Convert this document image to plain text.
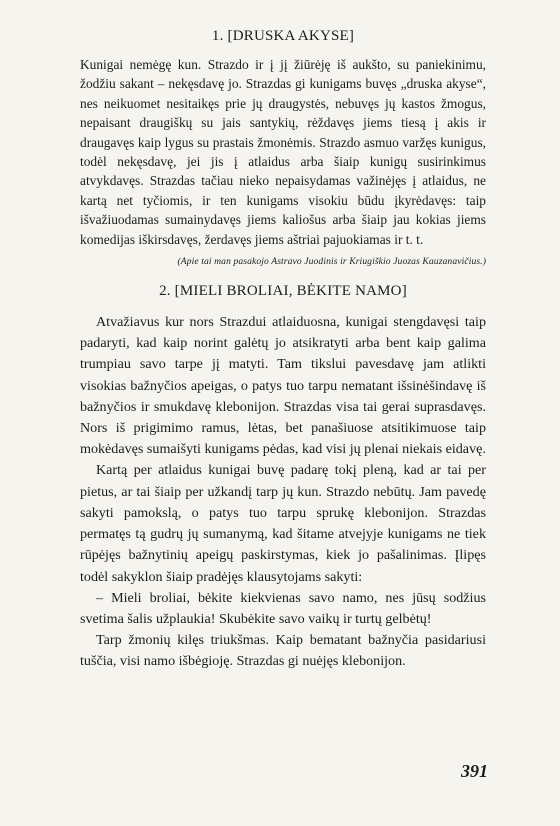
1. [DRUSKA AKYSE]

Kunigai nemėgę kun. Strazdo ir į jį žiūrėję iš aukšto, su paniekinimu, žodžiu sakant – nekęsdavę jo. Strazdas gi kunigams buvęs „druska akyse“, nes neikuomet nesitaikęs prie jų draugystės, nebuvęs jų kastos žmogus, nepaisant draugiškų su jais santykių, rėždavęs jiems tiesą į akis ir draugavęs kaip lygus su prastais žmonėmis. Strazdo asmuo varžęs kunigus, todėl nekęsdavę, jei jis į atlaidus arba šiaip kunigų susirinkimus atvykdavęs. Strazdas tačiau nieko nepaisydamas važinėjęs į atlaidus, ne kartą net tyčiomis, ir ten kunigams visokiu būdu įkyrėdavęs: taip išvažiuodamas sumainydavęs jiems kaliošus arba šiaip jau kokias jiems komedijas iškirsdavęs, žerdavęs jiems aštriai pajuokiamas ir t. t.

(Apie tai man pasakojo Astravo Juodinis ir Kriugiškio Juozas Kauzanavičius.)
2. [MIELI BROLIAI, BĖKITE NAMO]

Atvažiavus kur nors Strazdui atlaiduosna, kunigai stengdavęsi taip padaryti, kad kaip norint galėtų jo atsikratyti arba bent kaip galima trumpiau savo tarpe jį matyti. Tam tikslui pavesdavę jam atlikti visokias bažnyčios apeigas, o patys tuo tarpu nematant išsinėšindavę iš bažnyčios ir smukdavę klebonijon. Strazdas visa tai gerai suprasdavęs. Nors iš prigimimo ramus, lėtas, bet panašiuose atsitikimuose taip mokėdavęs sumaišyti kunigams pėdas, kad visi jų plenai niekais eidavę.

Kartą per atlaidus kunigai buvę padarę tokį pleną, kad ar tai per pietus, ar tai šiaip per užkandį tarp jų kun. Strazdo nebūtų. Jam pavedę sakyti pamokslą, o patys tuo tarpu sprukę klebonijon. Strazdas permatęs tą gudrų jų sumanymą, kad šitame atvejyje kunigams ne tiek rūpėjęs bažnytinių apeigų paskirstymas, kiek jo pašalinimas. Įlipęs todėl sakyklon šiaip pradėjęs klausytojams sakyti:

– Mieli broliai, bėkite kiekvienas savo namo, nes jūsų sodžius svetima šalis užplaukia! Skubėkite savo vaikų ir turtų gelbėtų!

Tarp žmonių kilęs triukšmas. Kaip bematant bažnyčia pasidariusi tuščia, visi namo išbėgioję. Strazdas gi nuėjęs klebonijon.

391
